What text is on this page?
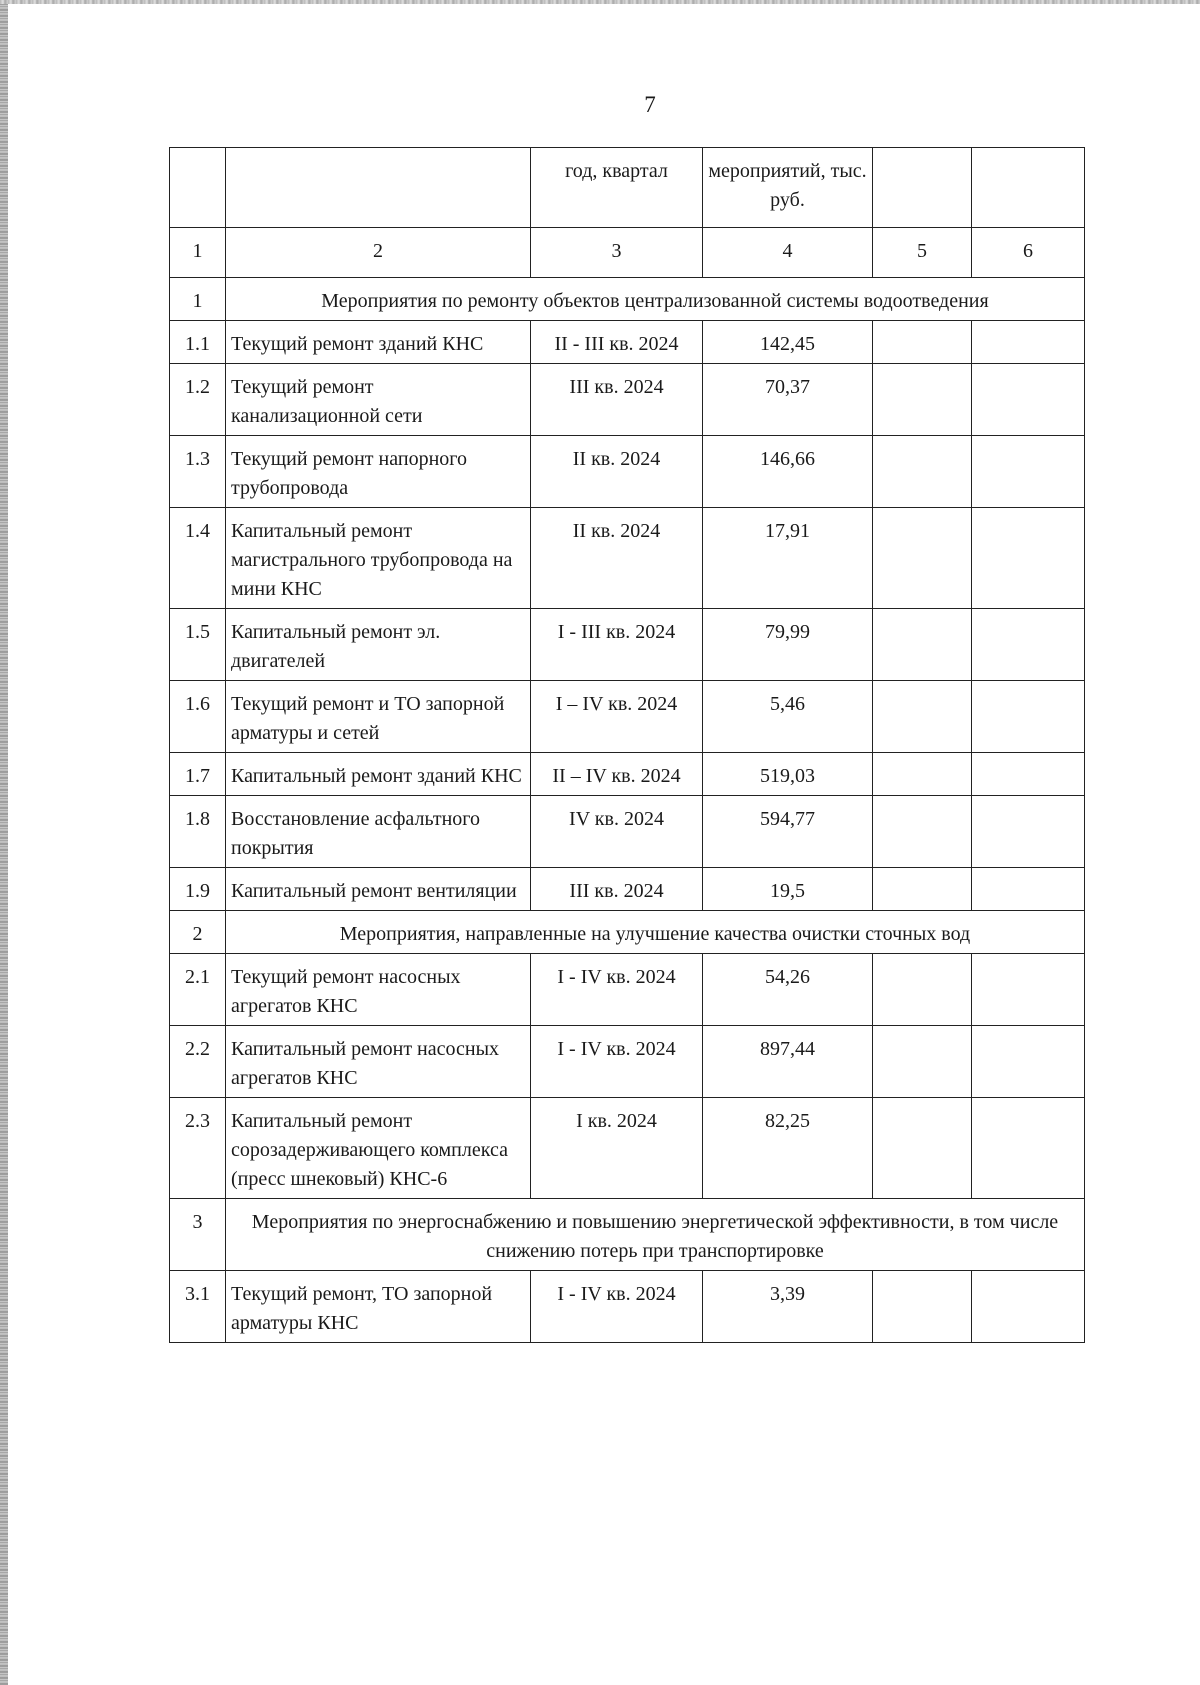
7
		год, квартал	мероприятий, тыс. руб.		
1	2	3	4	5	6
1	Мероприятия по ремонту объектов централизованной системы водоотведения				
1.1	Текущий ремонт зданий КНС	II - III кв. 2024	142,45		
1.2	Текущий ремонт канализационной сети	III кв. 2024	70,37		
1.3	Текущий ремонт напорного трубопровода	II кв. 2024	146,66		
1.4	Капитальный ремонт магистрального трубопровода на мини КНС	II кв. 2024	17,91		
1.5	Капитальный ремонт эл. двигателей	I - III кв. 2024	79,99		
1.6	Текущий ремонт и ТО запорной арматуры и сетей	I – IV кв. 2024	5,46		
1.7	Капитальный ремонт зданий КНС	II – IV кв. 2024	519,03		
1.8	Восстановление асфальтного покрытия	IV кв. 2024	594,77		
1.9	Капитальный ремонт вентиляции	III кв. 2024	19,5		
2	Мероприятия, направленные на улучшение качества очистки сточных вод				
2.1	Текущий ремонт насосных агрегатов КНС	I - IV кв. 2024	54,26		
2.2	Капитальный ремонт насосных агрегатов КНС	I - IV кв. 2024	897,44		
2.3	Капитальный ремонт сорозадерживающего комплекса (пресс шнековый) КНС-6	I кв. 2024	82,25		
3	Мероприятия по энергоснабжению и повышению энергетической эффективности, в том числе снижению потерь при транспортировке				
3.1	Текущий ремонт, ТО запорной арматуры КНС	I - IV кв. 2024	3,39		
